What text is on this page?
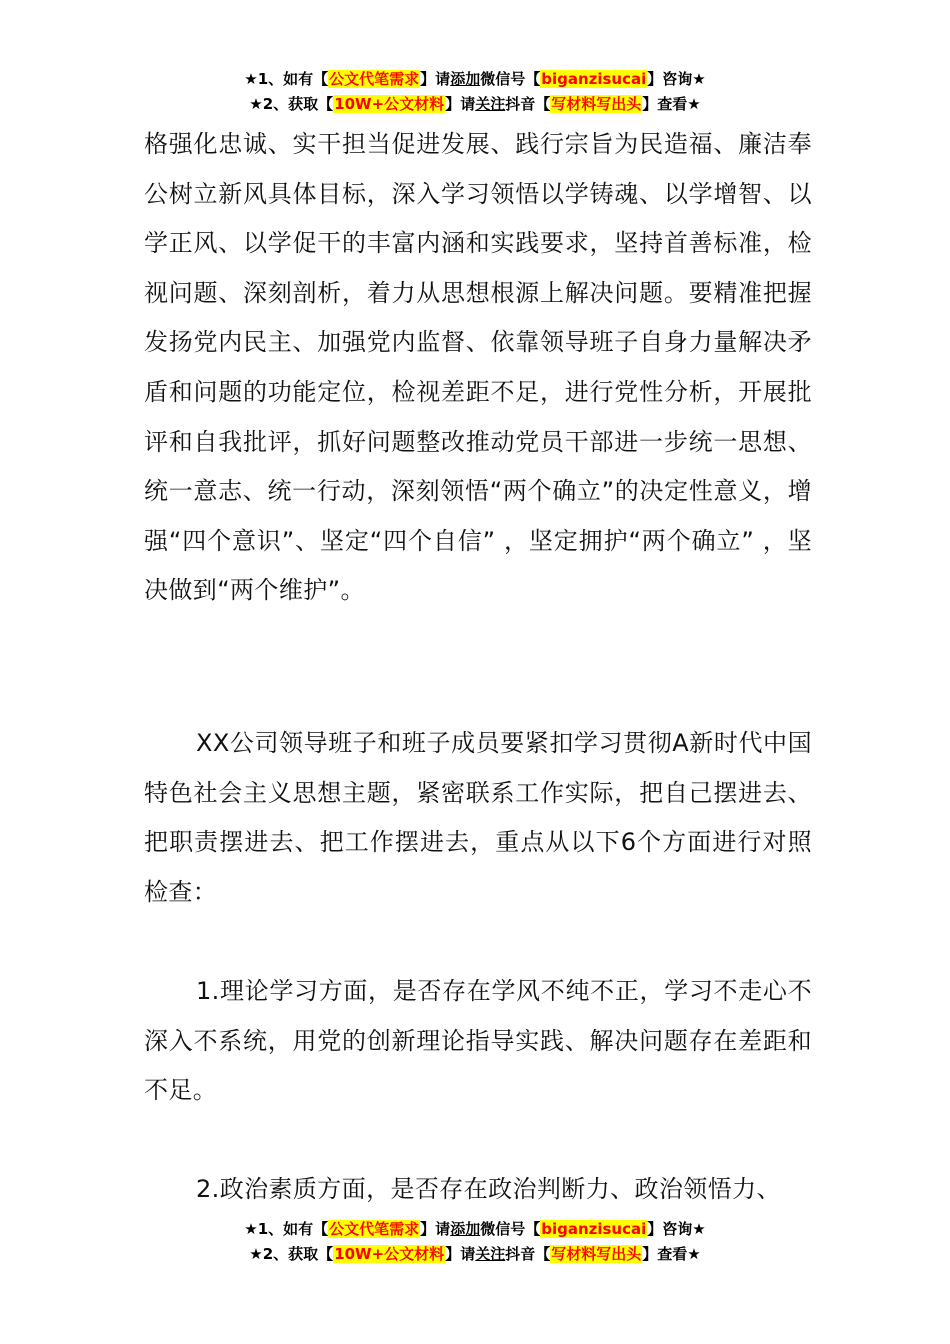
★1、如有【公文代笔需求】请添加微信号【biganzisucai】咨询★
★2、获取【10W+公文材料】请关注抖音【写材料写出头】查看★
格强化忠诚、实干担当促进发展、践行宗旨为民造福、廉洁奉公树立新风具体目标，深入学习领悟以学铸魂、以学增智、以学正风、以学促干的丰富内涵和实践要求，坚持首善标准，检视问题、深刻剖析，着力从思想根源上解决问题。要精准把握发扬党内民主、加强党内监督、依靠领导班子自身力量解决矛盾和问题的功能定位，检视差距不足，进行党性分析，开展批评和自我批评，抓好问题整改推动党员干部进一步统一思想、统一意志、统一行动，深刻领悟“两个确立”的决定性意义，增强“四个意识”、坚定“四个自信” ，坚定拥护“两个确立” ，坚决做到“两个维护”。
XX公司领导班子和班子成员要紧扣学习贯彻A新时代中国特色社会主义思想主题，紧密联系工作实际，把自己摆进去、把职责摆进去、把工作摆进去，重点从以下6个方面进行对照检查：
1.理论学习方面，是否存在学风不纯不正，学习不走心不深入不系统，用党的创新理论指导实践、解决问题存在差距和不足。
2.政治素质方面，是否存在政治判断力、政治领悟力、
★1、如有【公文代笔需求】请添加微信号【biganzisucai】咨询★
★2、获取【10W+公文材料】请关注抖音【写材料写出头】查看★
